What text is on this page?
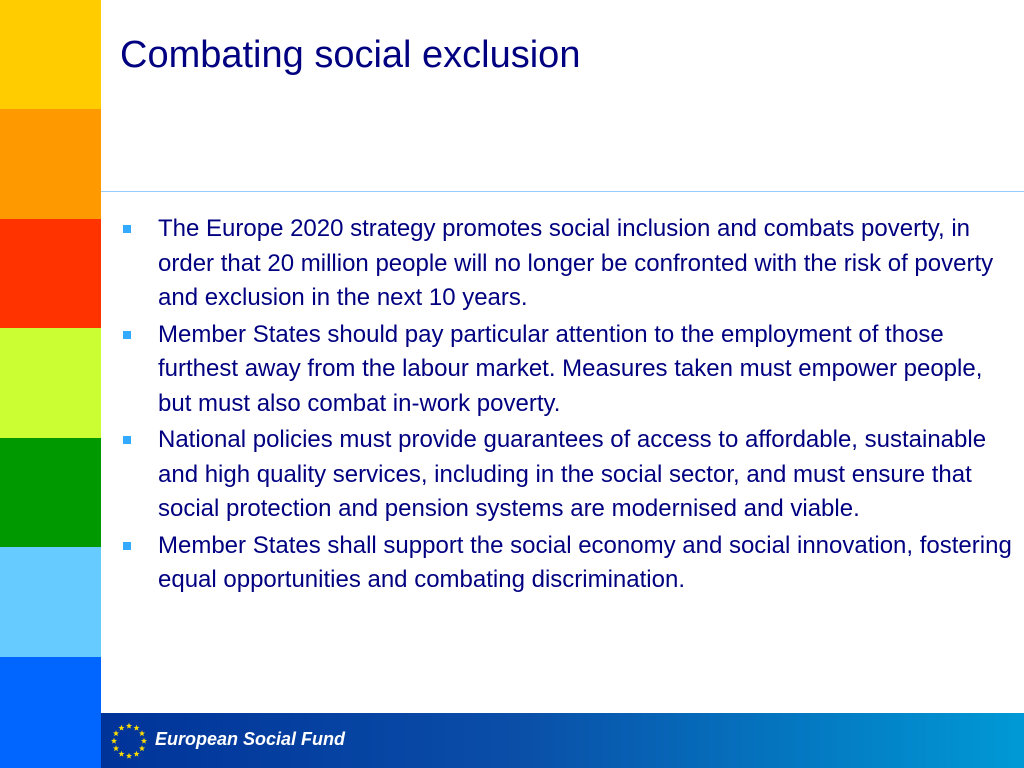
Combating social exclusion
The Europe 2020 strategy promotes social inclusion and combats poverty, in order that 20 million people will no longer be confronted with the risk of poverty and exclusion in the next 10 years.
Member States should pay particular attention to the employment of those furthest away from the labour market. Measures taken must empower people, but must also combat in-work poverty.
National policies must provide guarantees of access to affordable, sustainable and high quality services, including in the social sector, and must ensure that social protection and pension systems are modernised and viable.
Member States shall support the social economy and social innovation, fostering equal opportunities and combating discrimination.
European Social Fund
